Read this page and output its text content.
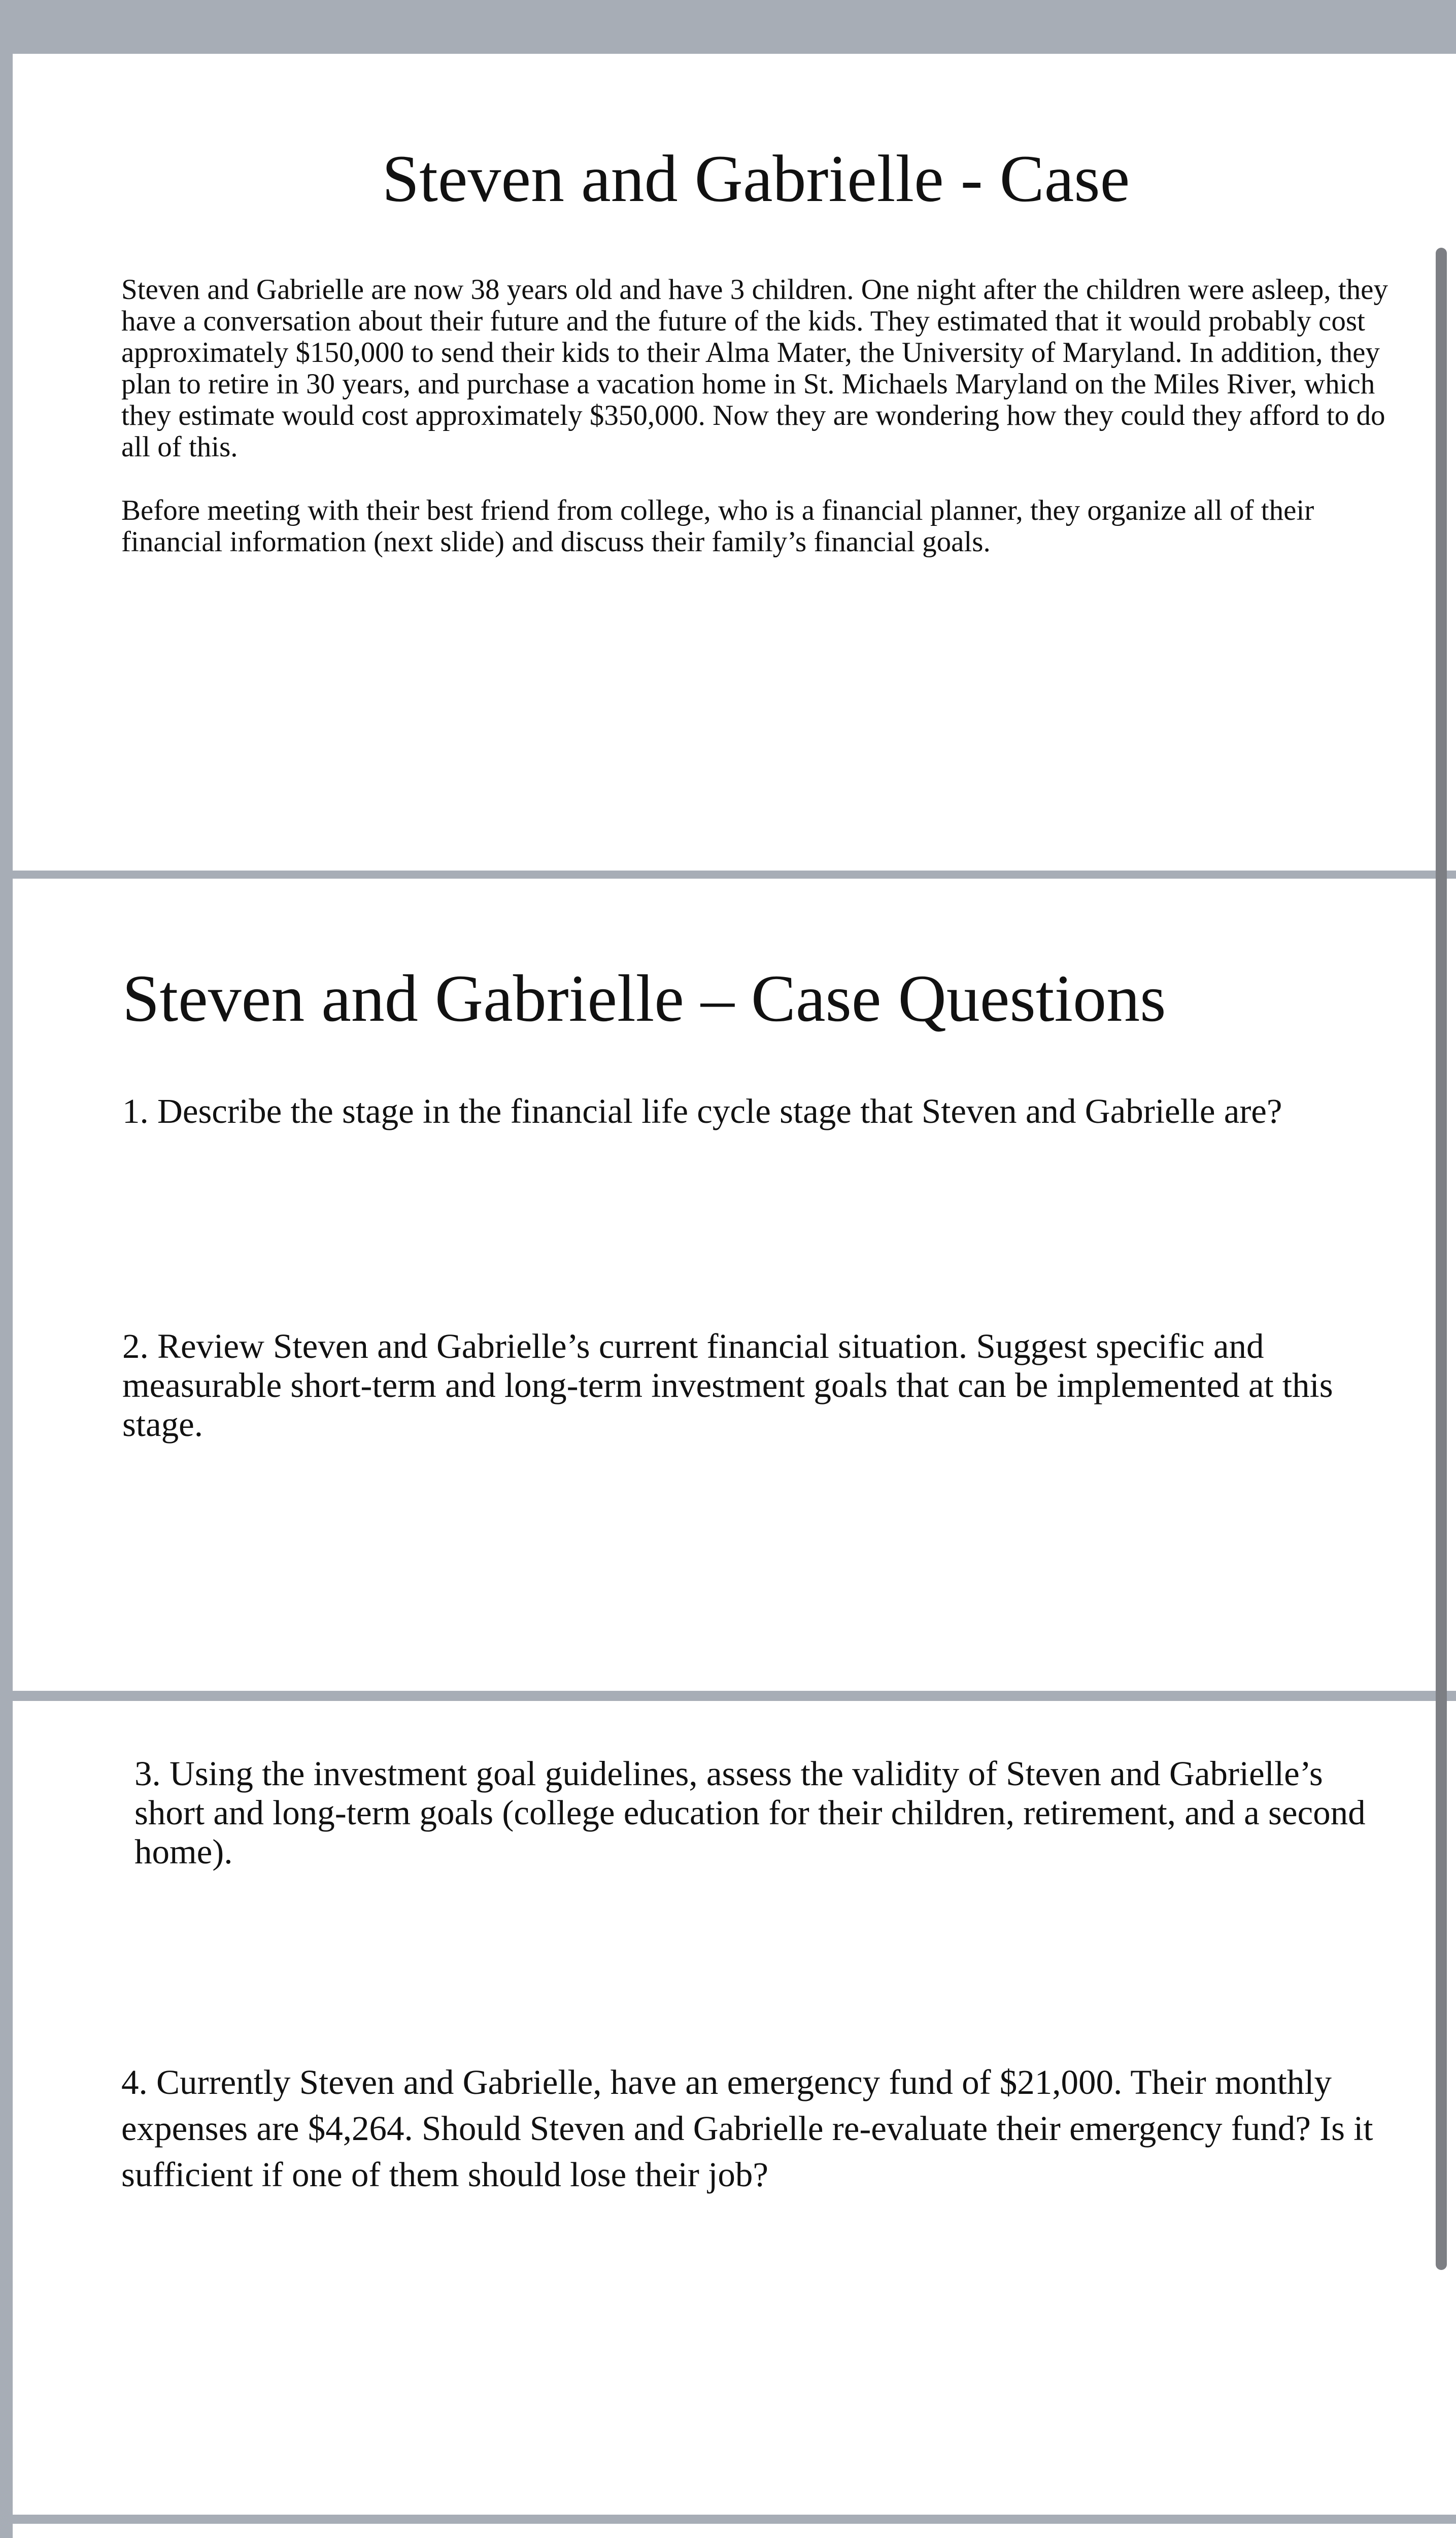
Steven and Gabrielle - Case

Steven and Gabrielle are now 38 years old and have 3 children. One night after the children were asleep, they have a conversation about their future and the future of the kids. They estimated that it would probably cost approximately $150,000 to send their kids to their Alma Mater, the University of Maryland. In addition, they plan to retire in 30 years, and purchase a vacation home in St. Michaels Maryland on the Miles River, which they estimate would cost approximately $350,000. Now they are wondering how they could they afford to do all of this.

Before meeting with their best friend from college, who is a financial planner, they organize all of their financial information (next slide) and discuss their family’s financial goals.

Steven and Gabrielle – Case Questions

1. Describe the stage in the financial life cycle stage that Steven and Gabrielle are?

2. Review Steven and Gabrielle’s current financial situation. Suggest specific and measurable short-term and long-term investment goals that can be implemented at this stage.

3. Using the investment goal guidelines, assess the validity of Steven and Gabrielle’s short and long-term goals (college education for their children, retirement, and a second home).

4. Currently Steven and Gabrielle, have an emergency fund of $21,000. Their monthly expenses are $4,264. Should Steven and Gabrielle re-evaluate their emergency fund? Is it sufficient if one of them should lose their job?
